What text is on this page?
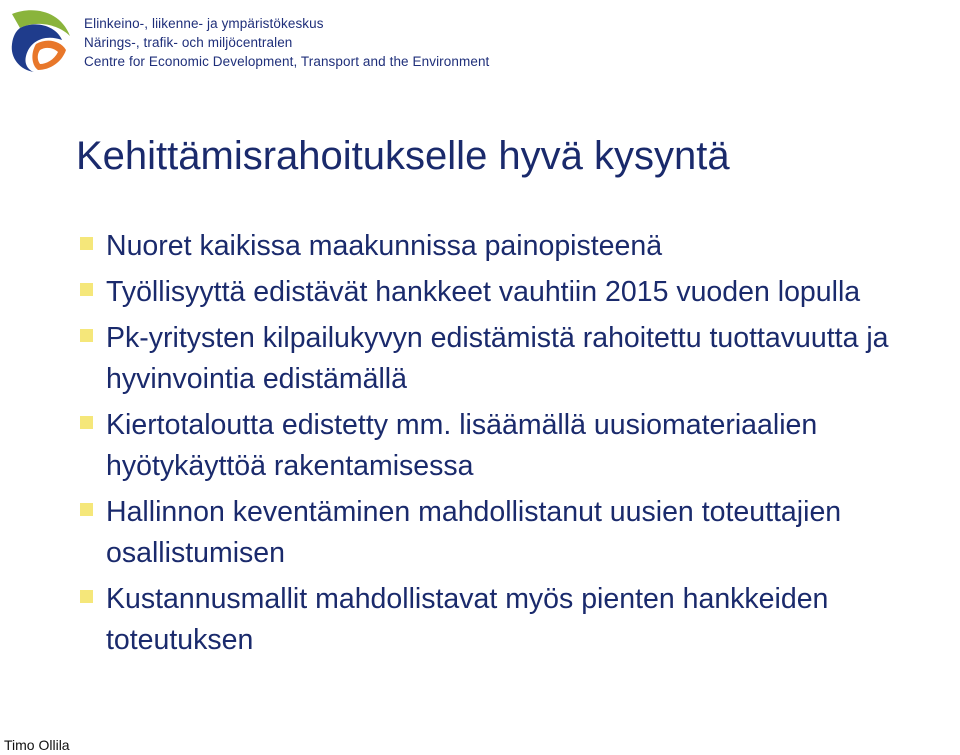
Elinkeino-, liikenne- ja ympäristökeskus
Närings-, trafik- och miljöcentralen
Centre for Economic Development, Transport and the Environment
Kehittämisrahoitukselle hyvä kysyntä
Nuoret kaikissa maakunnissa painopisteenä
Työllisyyttä edistävät hankkeet vauhtiin 2015 vuoden lopulla
Pk-yritysten kilpailukyvyn edistämistä rahoitettu tuottavuutta ja hyvinvointia edistämällä
Kiertotaloutta edistetty mm. lisäämällä uusiomateriaalien hyötykäyttöä rakentamisessa
Hallinnon keventäminen mahdollistanut uusien toteuttajien osallistumisen
Kustannusmallit mahdollistavat myös pienten hankkeiden toteutuksen
Timo Ollila
